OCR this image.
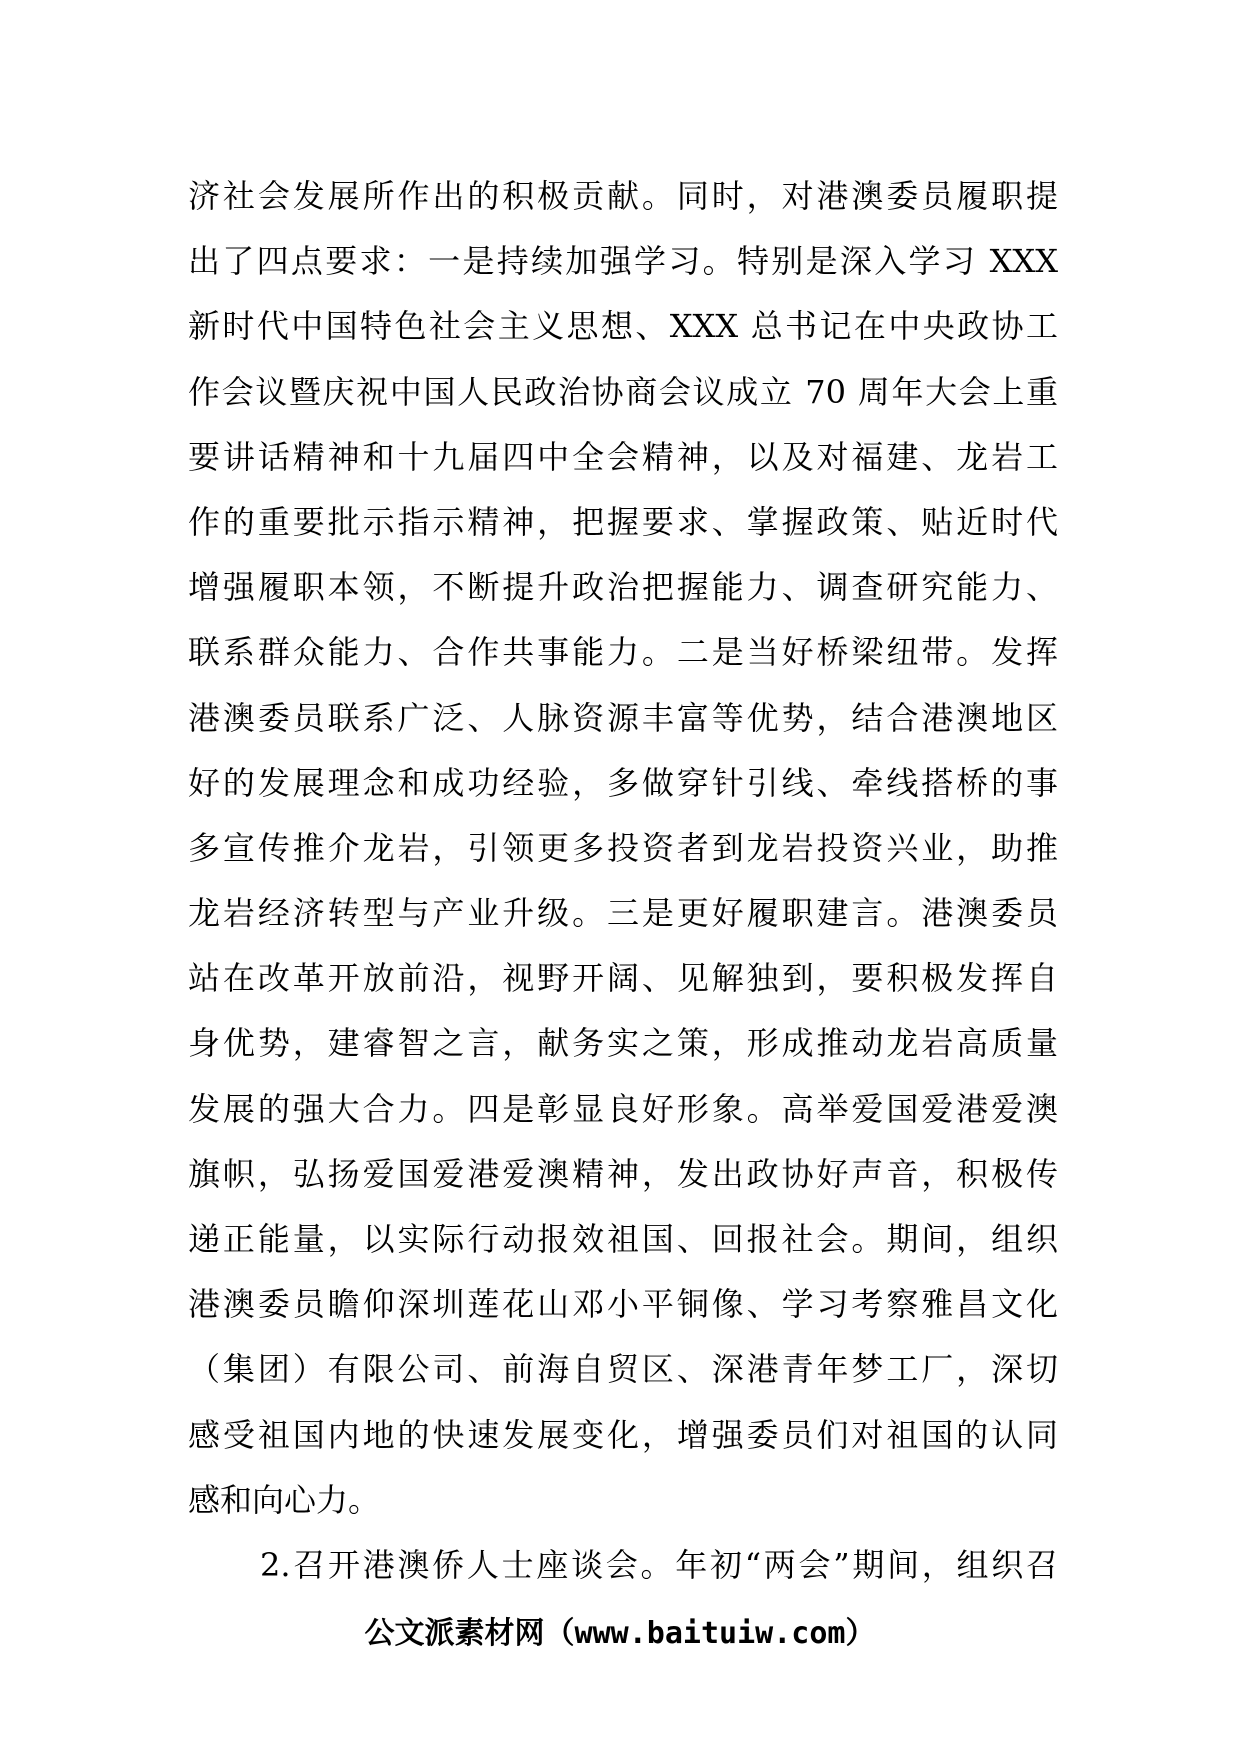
济社会发展所作出的积极贡献。同时，对港澳委员履职提
出了四点要求：一是持续加强学习。特别是深入学习 XXX
新时代中国特色社会主义思想、XXX 总书记在中央政协工
作会议暨庆祝中国人民政治协商会议成立 70 周年大会上重
要讲话精神和十九届四中全会精神，以及对福建、龙岩工
作的重要批示指示精神，把握要求、掌握政策、贴近时代
增强履职本领，不断提升政治把握能力、调查研究能力、
联系群众能力、合作共事能力。二是当好桥梁纽带。发挥
港澳委员联系广泛、人脉资源丰富等优势，结合港澳地区
好的发展理念和成功经验，多做穿针引线、牵线搭桥的事
多宣传推介龙岩，引领更多投资者到龙岩投资兴业，助推
龙岩经济转型与产业升级。三是更好履职建言。港澳委员
站在改革开放前沿，视野开阔、见解独到，要积极发挥自
身优势，建睿智之言，献务实之策，形成推动龙岩高质量
发展的强大合力。四是彰显良好形象。高举爱国爱港爱澳
旗帜，弘扬爱国爱港爱澳精神，发出政协好声音，积极传
递正能量，以实际行动报效祖国、回报社会。期间，组织
港澳委员瞻仰深圳莲花山邓小平铜像、学习考察雅昌文化
（集团）有限公司、前海自贸区、深港青年梦工厂，深切
感受祖国内地的快速发展变化，增强委员们对祖国的认同
感和向心力。
2.召开港澳侨人士座谈会。年初“两会”期间，组织召
公文派素材网（www.baituiw.com）
